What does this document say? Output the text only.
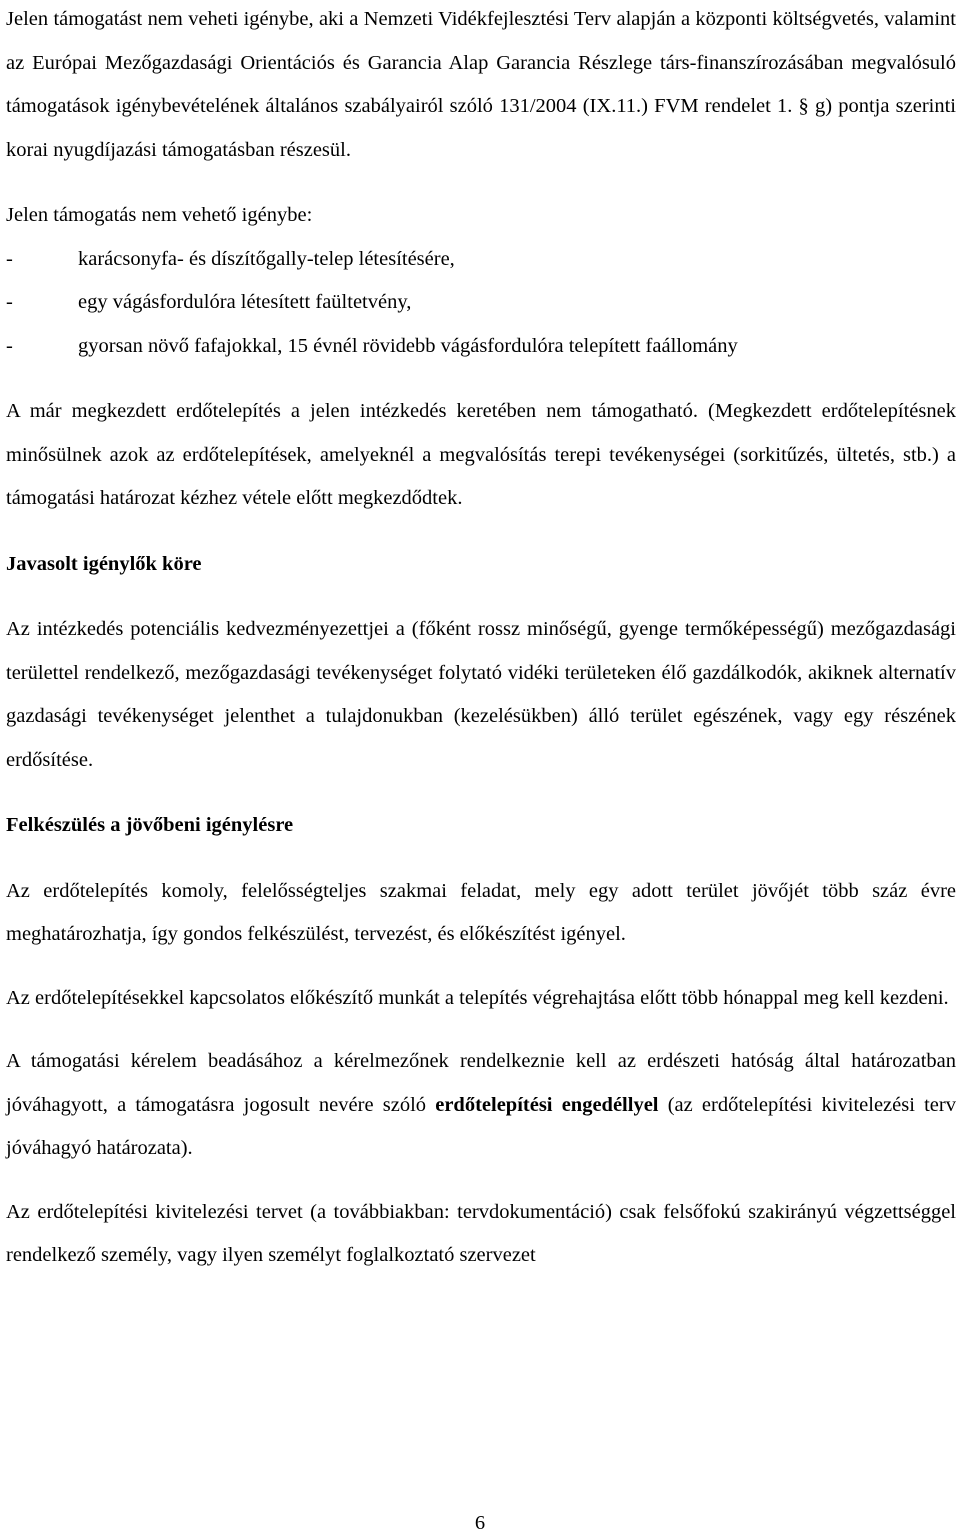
Jelen támogatást nem veheti igénybe, aki a Nemzeti Vidékfejlesztési Terv alapján a központi költségvetés, valamint az Európai Mezőgazdasági Orientációs és Garancia Alap Garancia Részlege társ-finanszírozásában megvalósuló támogatások igénybevételének általános szabályairól szóló 131/2004 (IX.11.) FVM rendelet 1. § g) pontja szerinti korai nyugdíjazási támogatásban részesül.

Jelen támogatás nem vehető igénybe:

-	karácsonyfa- és díszítőgally-telep létesítésére,
-	egy vágásfordulóra létesített faültetvény,
-	gyorsan növő fafajokkal, 15 évnél rövidebb vágásfordulóra telepített faállomány

A már megkezdett erdőtelepítés a jelen intézkedés keretében nem támogatható. (Megkezdett erdőtelepítésnek minősülnek azok az erdőtelepítések, amelyeknél a megvalósítás terepi tevékenységei (sorkitűzés, ültetés, stb.) a támogatási határozat kézhez vétele előtt megkezdődtek.

Javasolt igénylők köre

Az intézkedés potenciális kedvezményezettjei a (főként rossz minőségű, gyenge termőképességű) mezőgazdasági területtel rendelkező, mezőgazdasági tevékenységet folytató vidéki területeken élő gazdálkodók, akiknek alternatív gazdasági tevékenységet jelenthet a tulajdonukban (kezelésükben) álló terület egészének, vagy egy részének erdősítése.

Felkészülés a jövőbeni igénylésre

Az erdőtelepítés komoly, felelősségteljes szakmai feladat, mely egy adott terület jövőjét több száz évre meghatározhatja, így gondos felkészülést, tervezést, és előkészítést igényel.

Az erdőtelepítésekkel kapcsolatos előkészítő munkát a telepítés végrehajtása előtt több hónappal meg kell kezdeni.

A támogatási kérelem beadásához a kérelmezőnek rendelkeznie kell az erdészeti hatóság által határozatban jóváhagyott, a támogatásra jogosult nevére szóló erdőtelepítési engedéllyel (az erdőtelepítési kivitelezési terv jóváhagyó határozata).

Az erdőtelepítési kivitelezési tervet (a továbbiakban: tervdokumentáció) csak felsőfokú szakirányú végzettséggel rendelkező személy, vagy ilyen személyt foglalkoztató szervezet

6
